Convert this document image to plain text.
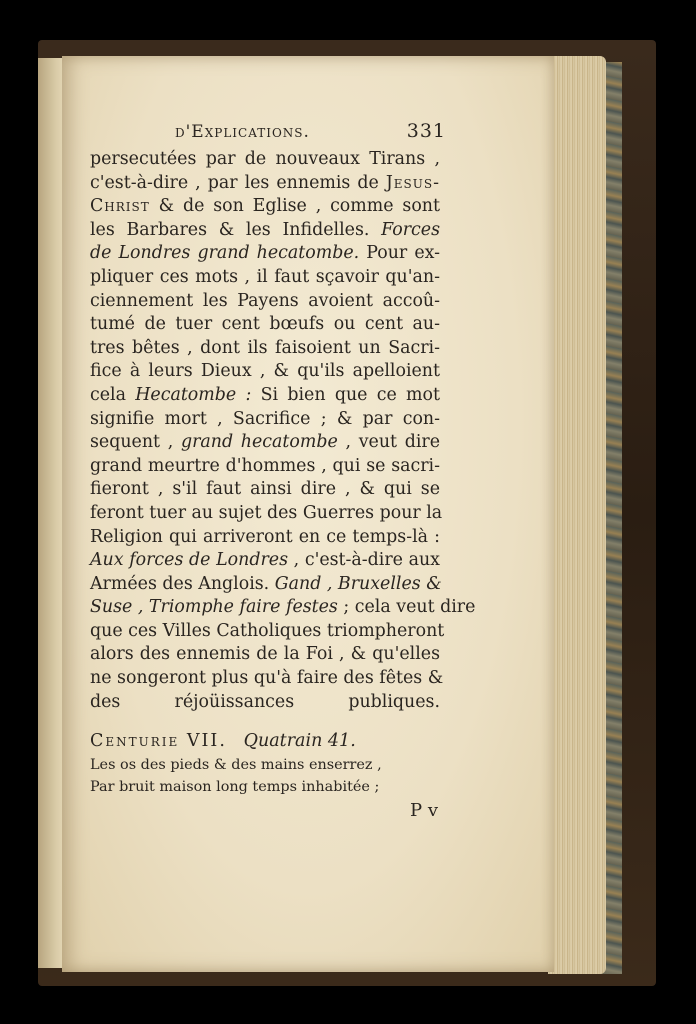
d'Explications.	331
persecutées par de nouveaux Tirans ,
c'est-à-dire , par les ennemis de Jesus-
Christ & de son Eglise , comme sont
les Barbares & les Infidelles. Forces
de Londres grand hecatombe. Pour ex-
pliquer ces mots , il faut sçavoir qu'an-
ciennement les Payens avoient accoû-
tumé de tuer cent bœufs ou cent au-
tres bêtes , dont ils faisoient un Sacri-
fice à leurs Dieux , & qu'ils apelloient
cela Hecatombe : Si bien que ce mot
signifie mort , Sacrifice ; & par con-
sequent , grand hecatombe , veut dire
grand meurtre d'hommes , qui se sacri-
fieront , s'il faut ainsi dire , & qui se
feront tuer au sujet des Guerres pour la
Religion qui arriveront en ce temps-là :
Aux forces de Londres , c'est-à-dire aux
Armées des Anglois. Gand , Bruxelles &
Suse , Triomphe faire festes ; cela veut dire
que ces Villes Catholiques triompheront
alors des ennemis de la Foi , & qu'elles
ne songeront plus qu'à faire des fêtes &
des réjoüissances publiques.
Centurie VII. Quatrain 41.
Les os des pieds & des mains enserrez ,
Par bruit maison long temps inhabitée ;
P v
